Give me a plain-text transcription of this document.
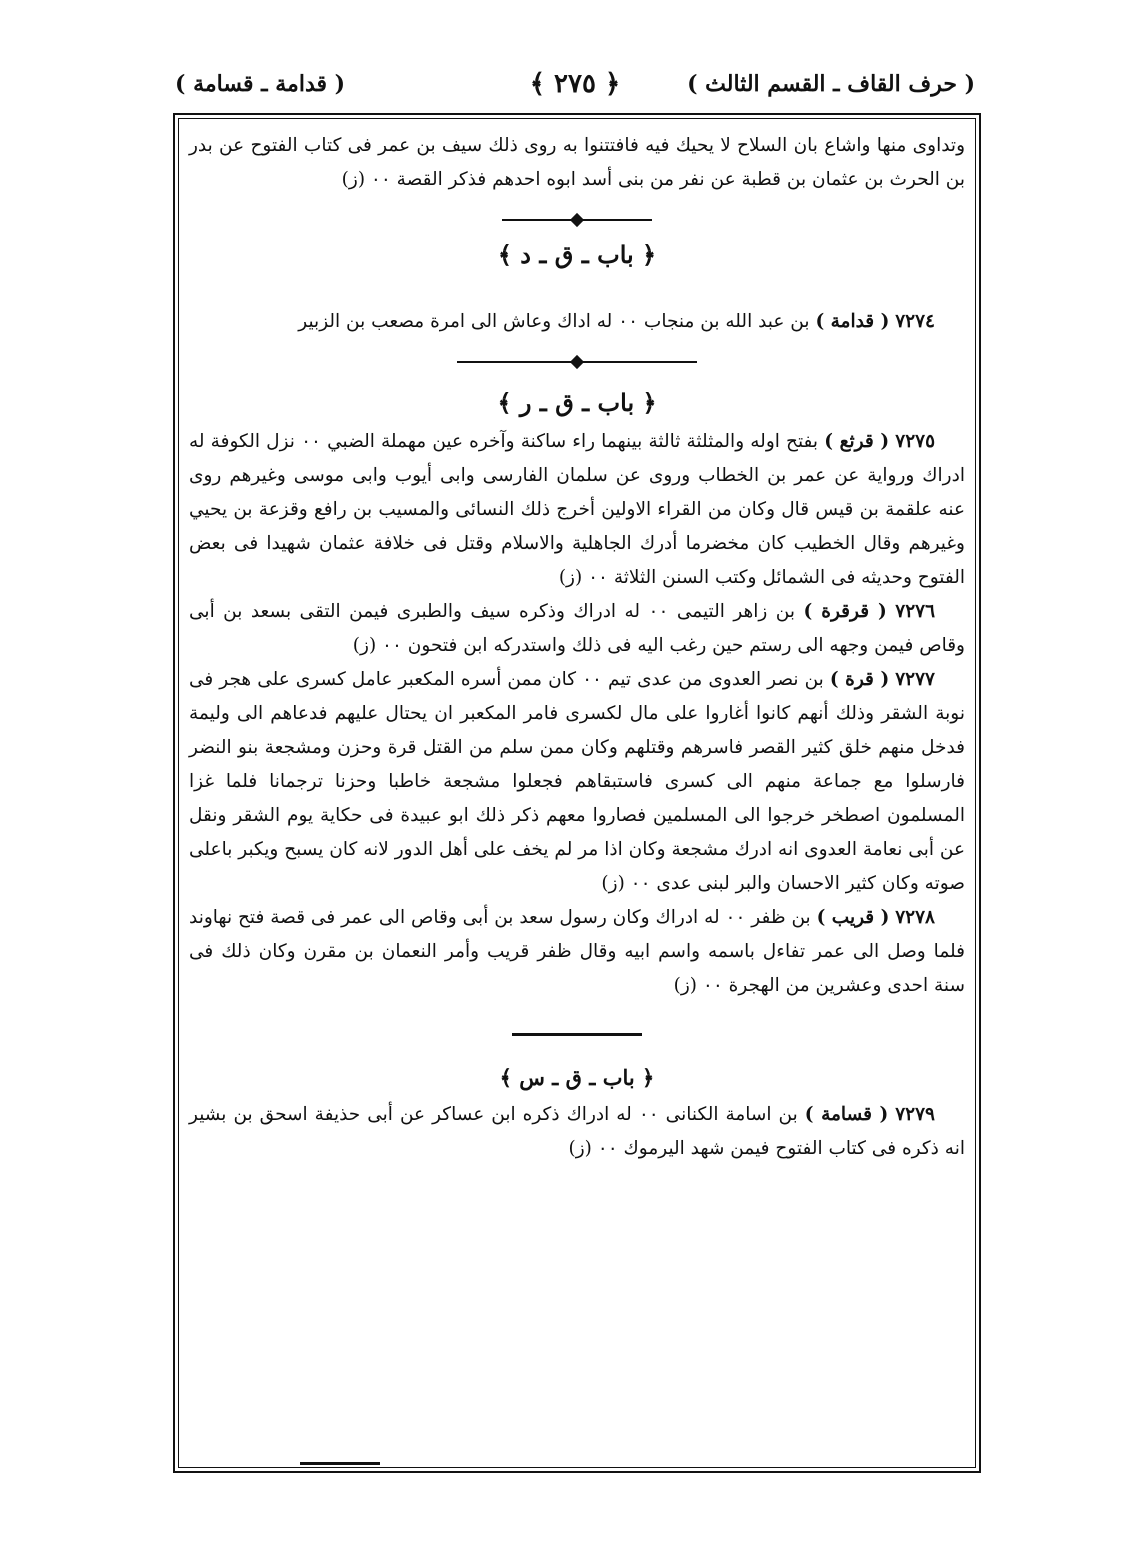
( حرف القاف ـ القسم الثالث )
﴿ ٢٧٥ ﴾
( قدامة ـ قسامة )

وتداوى منها واشاع بان السلاح لا يحيك فيه فافتتنوا به روى ذلك سيف بن عمر فى كتاب الفتوح عن بدر بن الحرث بن عثمان بن قطبة عن نفر من بنى أسد ابوه احدهم فذكر القصة ٠٠ (ز)

﴿ باب ـ ق ـ د ﴾

٧٢٧٤ ( قدامة ) بن عبد الله بن منجاب ٠٠ له اداك وعاش الى امرة مصعب بن الزبير

﴿ باب ـ ق ـ ر ﴾

٧٢٧٥ ( قرثع ) بفتح اوله والمثلثة ثالثة بينهما راء ساكنة وآخره عين مهملة الضبي ٠٠ نزل الكوفة له ادراك ورواية عن عمر بن الخطاب وروى عن سلمان الفارسى وابى أيوب وابى موسى وغيرهم روى عنه علقمة بن قيس قال وكان من القراء الاولين أخرج ذلك النسائى والمسيب بن رافع وقزعة بن يحيي وغيرهم وقال الخطيب كان مخضرما أدرك الجاهلية والاسلام وقتل فى خلافة عثمان شهيدا فى بعض الفتوح وحديثه فى الشمائل وكتب السنن الثلاثة ٠٠ (ز)

٧٢٧٦ ( قرقرة ) بن زاهر التيمى ٠٠ له ادراك وذكره سيف والطبرى فيمن التقى بسعد بن أبى وقاص فيمن وجهه الى رستم حين رغب اليه فى ذلك واستدركه ابن فتحون ٠٠ (ز)

٧٢٧٧ ( قرة ) بن نصر العدوى من عدى تيم ٠٠ كان ممن أسره المكعبر عامل كسرى على هجر فى نوبة الشقر وذلك أنهم كانوا أغاروا على مال لكسرى فامر المكعبر ان يحتال عليهم فدعاهم الى وليمة فدخل منهم خلق كثير القصر فاسرهم وقتلهم وكان ممن سلم من القتل قرة وحزن ومشجعة بنو النضر فارسلوا مع جماعة منهم الى كسرى فاستبقاهم فجعلوا مشجعة خاطبا وحزنا ترجمانا فلما غزا المسلمون اصطخر خرجوا الى المسلمين فصاروا معهم ذكر ذلك ابو عبيدة فى حكاية يوم الشقر ونقل عن أبى نعامة العدوى انه ادرك مشجعة وكان اذا مر لم يخف على أهل الدور لانه كان يسبح ويكبر باعلى صوته وكان كثير الاحسان والبر لبنى عدى ٠٠ (ز)

٧٢٧٨ ( قريب ) بن ظفر ٠٠ له ادراك وكان رسول سعد بن أبى وقاص الى عمر فى قصة فتح نهاوند فلما وصل الى عمر تفاءل باسمه واسم ابيه وقال ظفر قريب وأمر النعمان بن مقرن وكان ذلك فى سنة احدى وعشرين من الهجرة ٠٠ (ز)

﴿ باب ـ ق ـ س ﴾

٧٢٧٩ ( قسامة ) بن اسامة الكنانى ٠٠ له ادراك ذكره ابن عساكر عن أبى حذيفة اسحق بن بشير انه ذكره فى كتاب الفتوح فيمن شهد اليرموك ٠٠ (ز)
